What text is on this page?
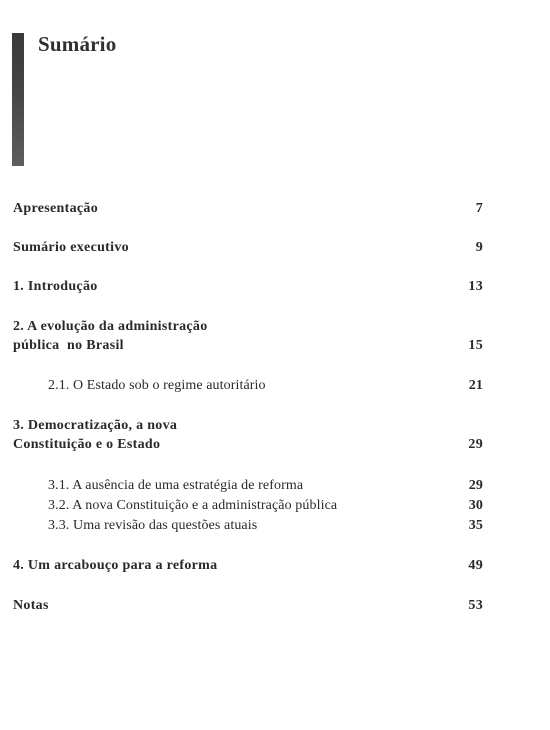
Sumário
Apresentação	7
Sumário executivo	9
1. Introdução	13
2. A evolução da administração
pública  no Brasil	15
2.1. O Estado sob o regime autoritário	21
3. Democratização, a nova
Constituição e o Estado	29
3.1. A ausência de uma estratégia de reforma	29
3.2. A nova Constituição e a administração pública	30
3.3. Uma revisão das questões atuais	35
4. Um arcabouço para a reforma	49
Notas	53
